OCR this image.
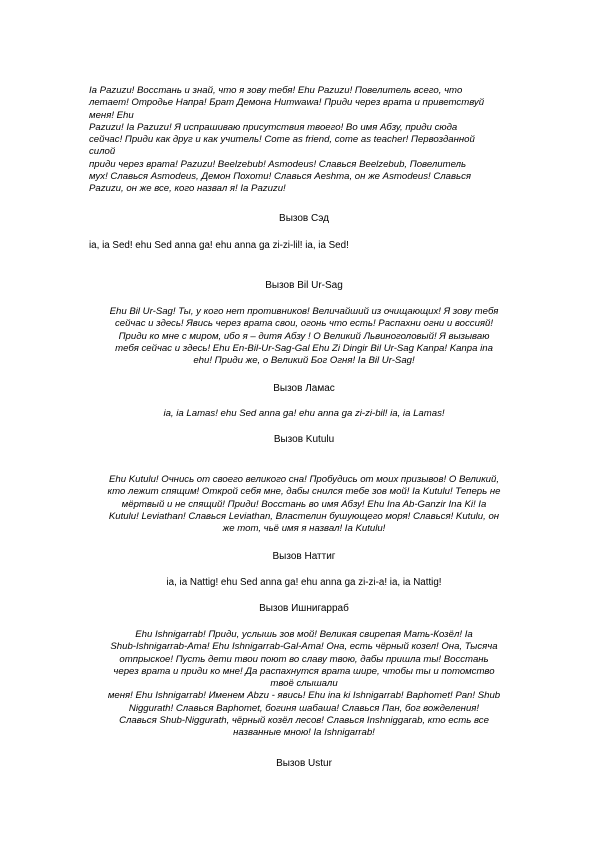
Ia Pazuzu! Восстань и знай, что я зову тебя! Ehu Pazuzu! Повелитель всего, что
летает! Отродье Напра! Брат Демона Hитwawa! Приди через врата и приветствуй
меня! Ehu
Pazuzu! Ia Pazuzu! Я испрашиваю присутствия твоего! Во имя Абзу, приди сюда
сейчас! Приди как друг и как учитель! Come as friend, come as teacher! Первозданной
силой
приди через врата! Pazuzu! Beelzebub! Asmodeus! Славься Beelzebub, Повелитель
мух! Славься Asmodeus, Демон Похоти! Славься Aeshma, он же Asmodeus! Славься
Pazuzu, он же все, кого назвал я! Ia Pazuzu!

Вызов Сэд

ia, ia Sed! ehu Sed anna ga! ehu anna ga zi-zi-lil! ia, ia Sed!

Вызов Bil Ur-Sag

Ehu Bil Ur-Sag! Ты, у кого нет противников! Величайший из очищающих! Я зову тебя
сейчас и здесь! Явись через врата свои, огонь что есть! Распахни огни и воссияй!
Приди ко мне с миром, ибо я – дитя Абзу ! О Великий Львиноголовый! Я вызываю
тебя сейчас и здесь! Ehu En-Bil-Ur-Sag-Gal Ehu Zi Dingir Bil Ur-Sag Kanpa! Kanpa ina
ehu! Приди же, о Великий Бог Огня! Ia Bil Ur-Sag!

Вызов Ламас

ia, ia Lamas! ehu Sed anna ga! ehu anna ga zi-zi-bil! ia, ia Lamas!

Вызов Kutulu

Ehu Kutulu! Очнись от своего великого сна! Пробудись от моих призывов! О Великий,
кто лежит спящим! Открой себя мне, дабы снился тебе зов мой! Ia Kutulu! Теперь не
мёртвый и не спящий! Приди! Восстань во имя Абзу! Ehu Ina Ab-Ganzir Ina Ki! Ia
Kutulu! Leviathan! Славься Leviathan, Властелин бушующего моря! Славься! Kutulu, он
же тот, чьё имя я назвал! Ia Kutulu!

Вызов Наттиг

ia, ia Nattig! ehu Sed anna ga! ehu anna ga zi-zi-a! ia, ia Nattig!

Вызов Ишнигарраб

Ehu Ishnigarrab! Приди, услышь зов мой! Великая свирепая Мать-Козёл! Ia
Shub-Ishnigarrab-Ama! Ehu Ishnigarrab-Gal-Ama! Она, есть чёрный козел! Она, Тысяча
отпрыское! Пусть дети твои поют во славу твою, дабы пришла ты! Восстань
через врата и приди ко мне! Да распахнутся врата шире, чтобы ты и потомство
твоё слышали
меня! Ehu Ishnigarrab! Именем Abzu - явись! Ehu ina ki Ishnigarrab! Baphomet! Pan! Shub
Niggurath! Славься Baphomet, богиня шабаша! Славься Пан, бог вожделения!
Славься Shub-Niggurath, чёрный козёл лесов! Славься Inshniggarab, кто есть все
названные мною! Ia Ishnigarrab!

Вызов Ustur
